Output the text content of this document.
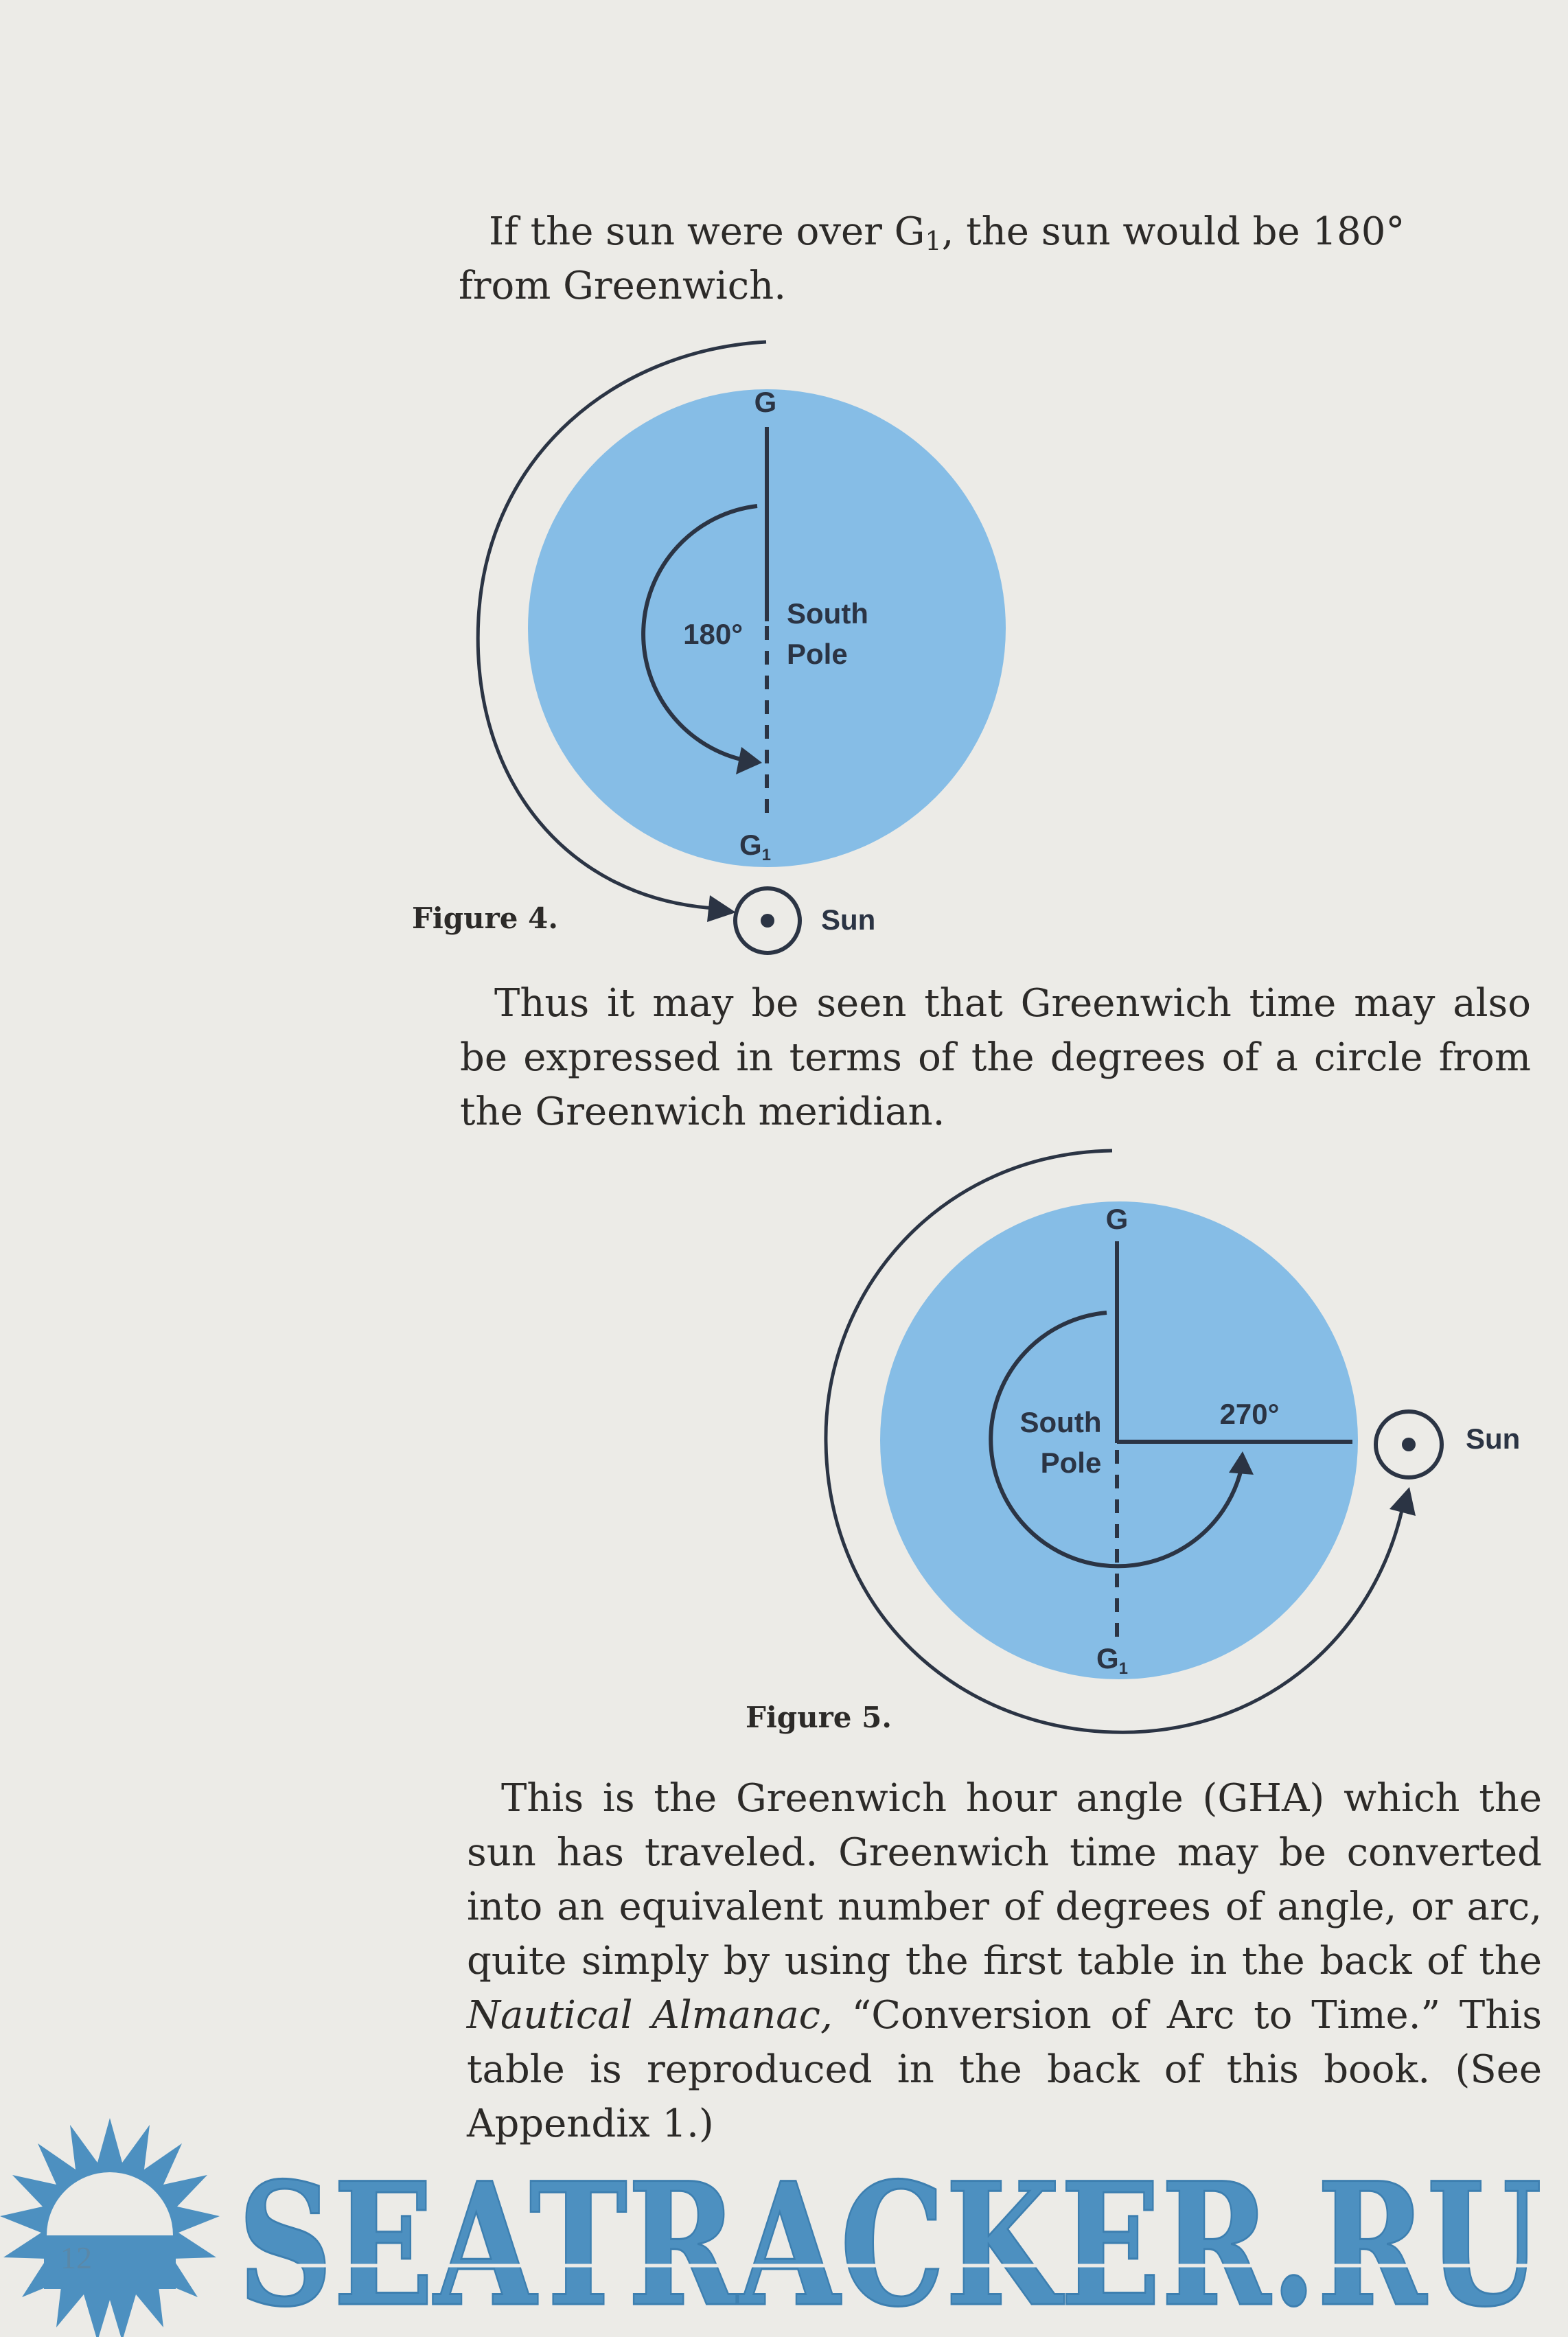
If the sun were over $G_1$, the sun would be 180° from Greenwich.

G
G1
180°
South
Pole
Sun
Figure 4.

Thus it may be seen that Greenwich time may also be expressed in terms of the degrees of a circle from the Greenwich meridian.

G
G1
270°
South
Pole
Sun
Figure 5.

This is the Greenwich hour angle (GHA) which the sun has traveled. Greenwich time may be converted into an equivalent number of degrees of angle, or arc, quite simply by using the first table in the back of the Nautical Almanac, “Conversion of Arc to Time.” This table is reproduced in the back of this book. (See Appendix 1.)

SEATRACKER.RU
12
